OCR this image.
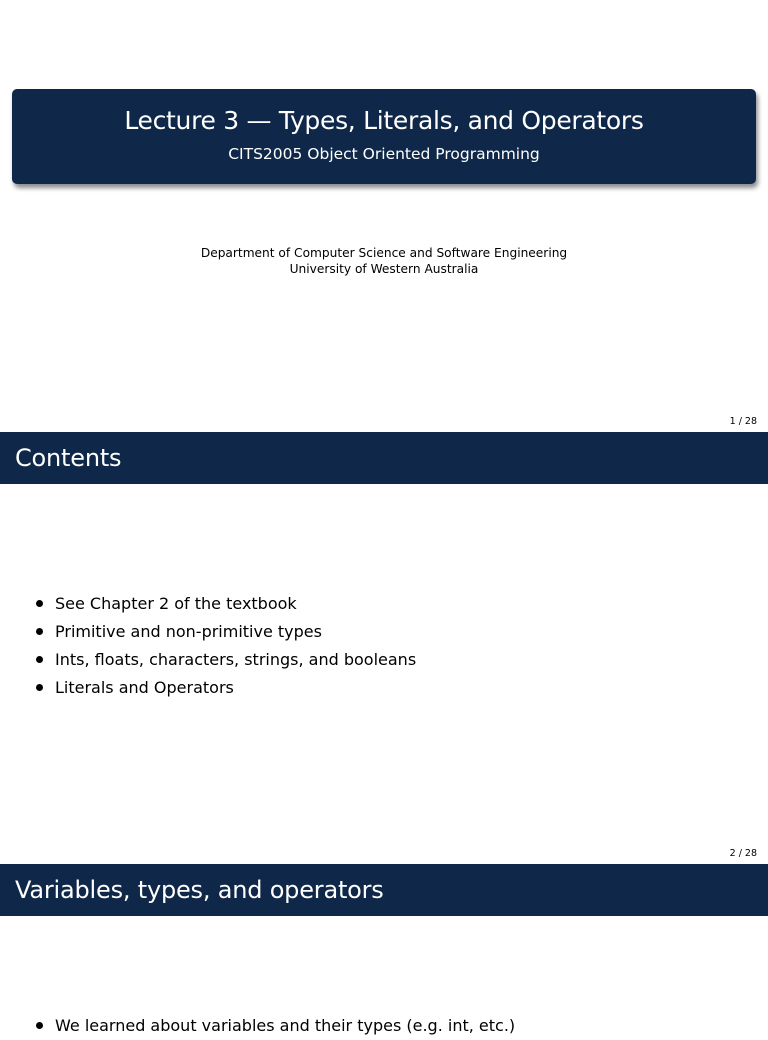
Lecture 3 — Types, Literals, and Operators
CITS2005 Object Oriented Programming
Department of Computer Science and Software Engineering
University of Western Australia
1 / 28
Contents
See Chapter 2 of the textbook
Primitive and non-primitive types
Ints, floats, characters, strings, and booleans
Literals and Operators
2 / 28
Variables, types, and operators
We learned about variables and their types (e.g. int, etc.)
